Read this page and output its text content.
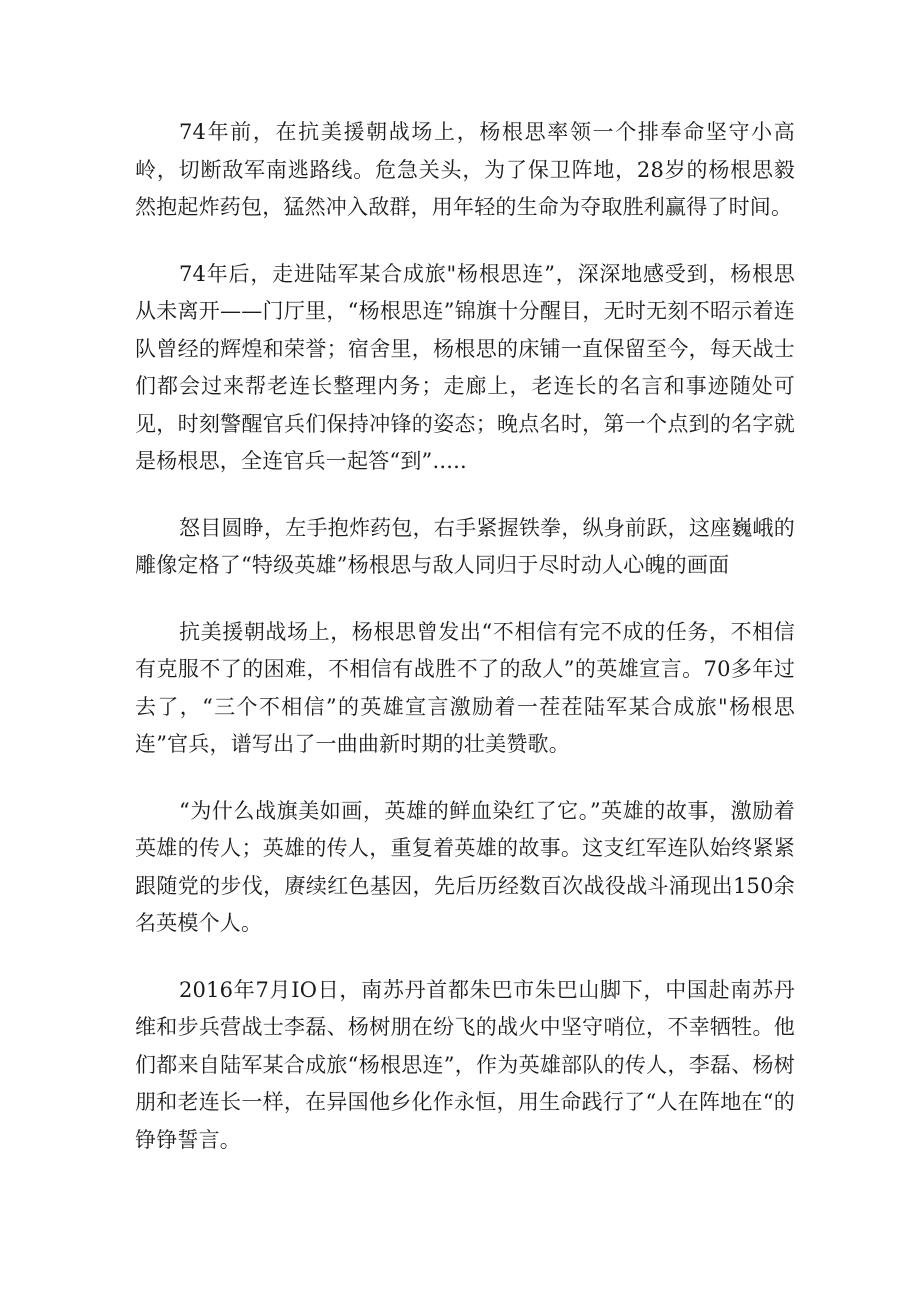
74年前，在抗美援朝战场上，杨根思率领一个排奉命坚守小高岭，切断敌军南逃路线。危急关头，为了保卫阵地，28岁的杨根思毅然抱起炸药包，猛然冲入敌群，用年轻的生命为夺取胜利赢得了时间。

74年后，走进陆军某合成旅"杨根思连”，深深地感受到，杨根思从未离开——门厅里，“杨根思连”锦旗十分醒目，无时无刻不昭示着连队曾经的辉煌和荣誉；宿舍里，杨根思的床铺一直保留至今，每天战士们都会过来帮老连长整理内务；走廊上，老连长的名言和事迹随处可见，时刻警醒官兵们保持冲锋的姿态；晚点名时，第一个点到的名字就是杨根思，全连官兵一起答“到”.....

怒目圆睁，左手抱炸药包，右手紧握铁拳，纵身前跃，这座巍峨的雕像定格了“特级英雄”杨根思与敌人同归于尽时动人心魄的画面

抗美援朝战场上，杨根思曾发出“不相信有完不成的任务，不相信有克服不了的困难，不相信有战胜不了的敌人”的英雄宣言。70多年过去了，“三个不相信”的英雄宣言激励着一茬茬陆军某合成旅"杨根思连”官兵，谱写出了一曲曲新时期的壮美赞歌。

“为什么战旗美如画，英雄的鲜血染红了它。”英雄的故事，激励着英雄的传人；英雄的传人，重复着英雄的故事。这支红军连队始终紧紧跟随党的步伐，赓续红色基因，先后历经数百次战役战斗涌现出150余名英模个人。

2016年7月IO日，南苏丹首都朱巴市朱巴山脚下，中国赴南苏丹维和步兵营战士李磊、杨树朋在纷飞的战火中坚守哨位，不幸牺牲。他们都来自陆军某合成旅“杨根思连”，作为英雄部队的传人，李磊、杨树朋和老连长一样，在异国他乡化作永恒，用生命践行了“人在阵地在“的铮铮誓言。
